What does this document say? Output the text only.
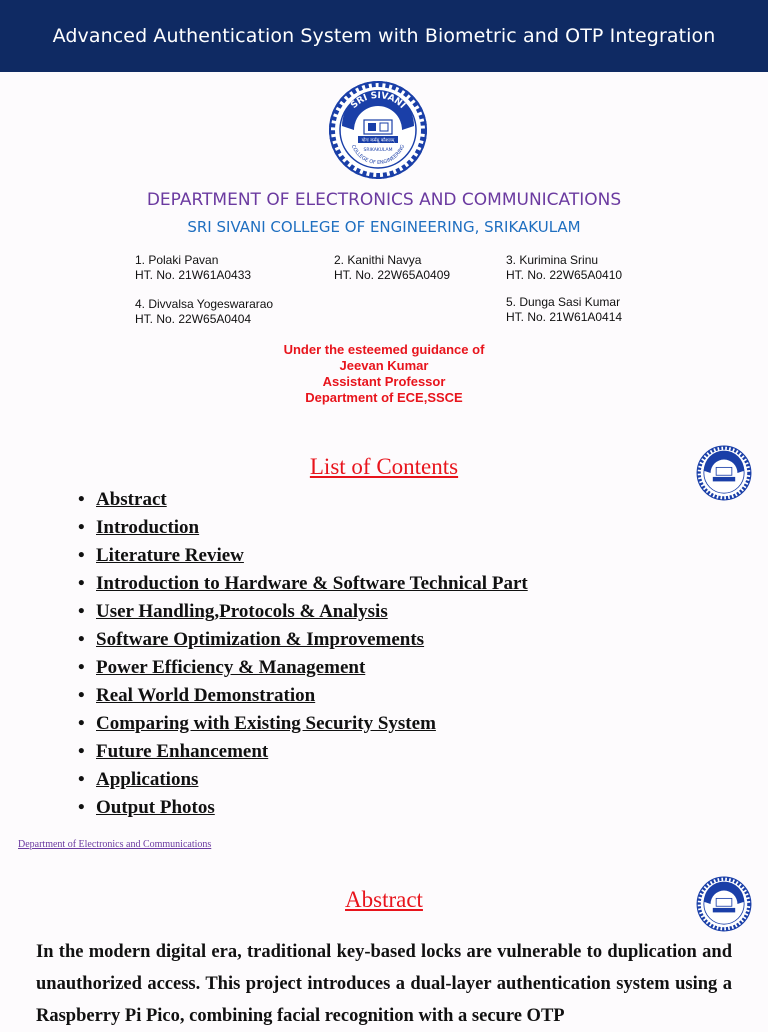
Advanced Authentication System with Biometric and OTP Integration
SRI SIVANI
योगः कर्मसु कौशलम्
SRIKAKULAM
COLLEGE OF ENGINEERING
DEPARTMENT OF ELECTRONICS AND COMMUNICATIONS
SRI SIVANI COLLEGE OF ENGINEERING, SRIKAKULAM
1. Polaki Pavan
HT. No. 21W61A0433
2. Kanithi Navya
HT. No. 22W65A0409
3. Kurimina Srinu
HT. No. 22W65A0410
4. Divvalsa Yogeswararao
HT. No. 22W65A0404
5. Dunga Sasi Kumar
HT. No. 21W61A0414
Under the esteemed guidance of
Jeevan Kumar
Assistant Professor
Department of ECE,SSCE
List of Contents
• Abstract
• Introduction
• Literature Review
• Introduction to Hardware & Software Technical Part
• User Handling,Protocols & Analysis
• Software Optimization & Improvements
• Power Efficiency & Management
• Real World Demonstration
• Comparing with Existing Security System
• Future Enhancement
• Applications
• Output Photos
Department of Electronics and Communications
Abstract
In the modern digital era, traditional key-based locks are vulnerable to duplication and unauthorized access. This project introduces a dual-layer authentication system using a Raspberry Pi Pico, combining facial recognition with a secure OTP
